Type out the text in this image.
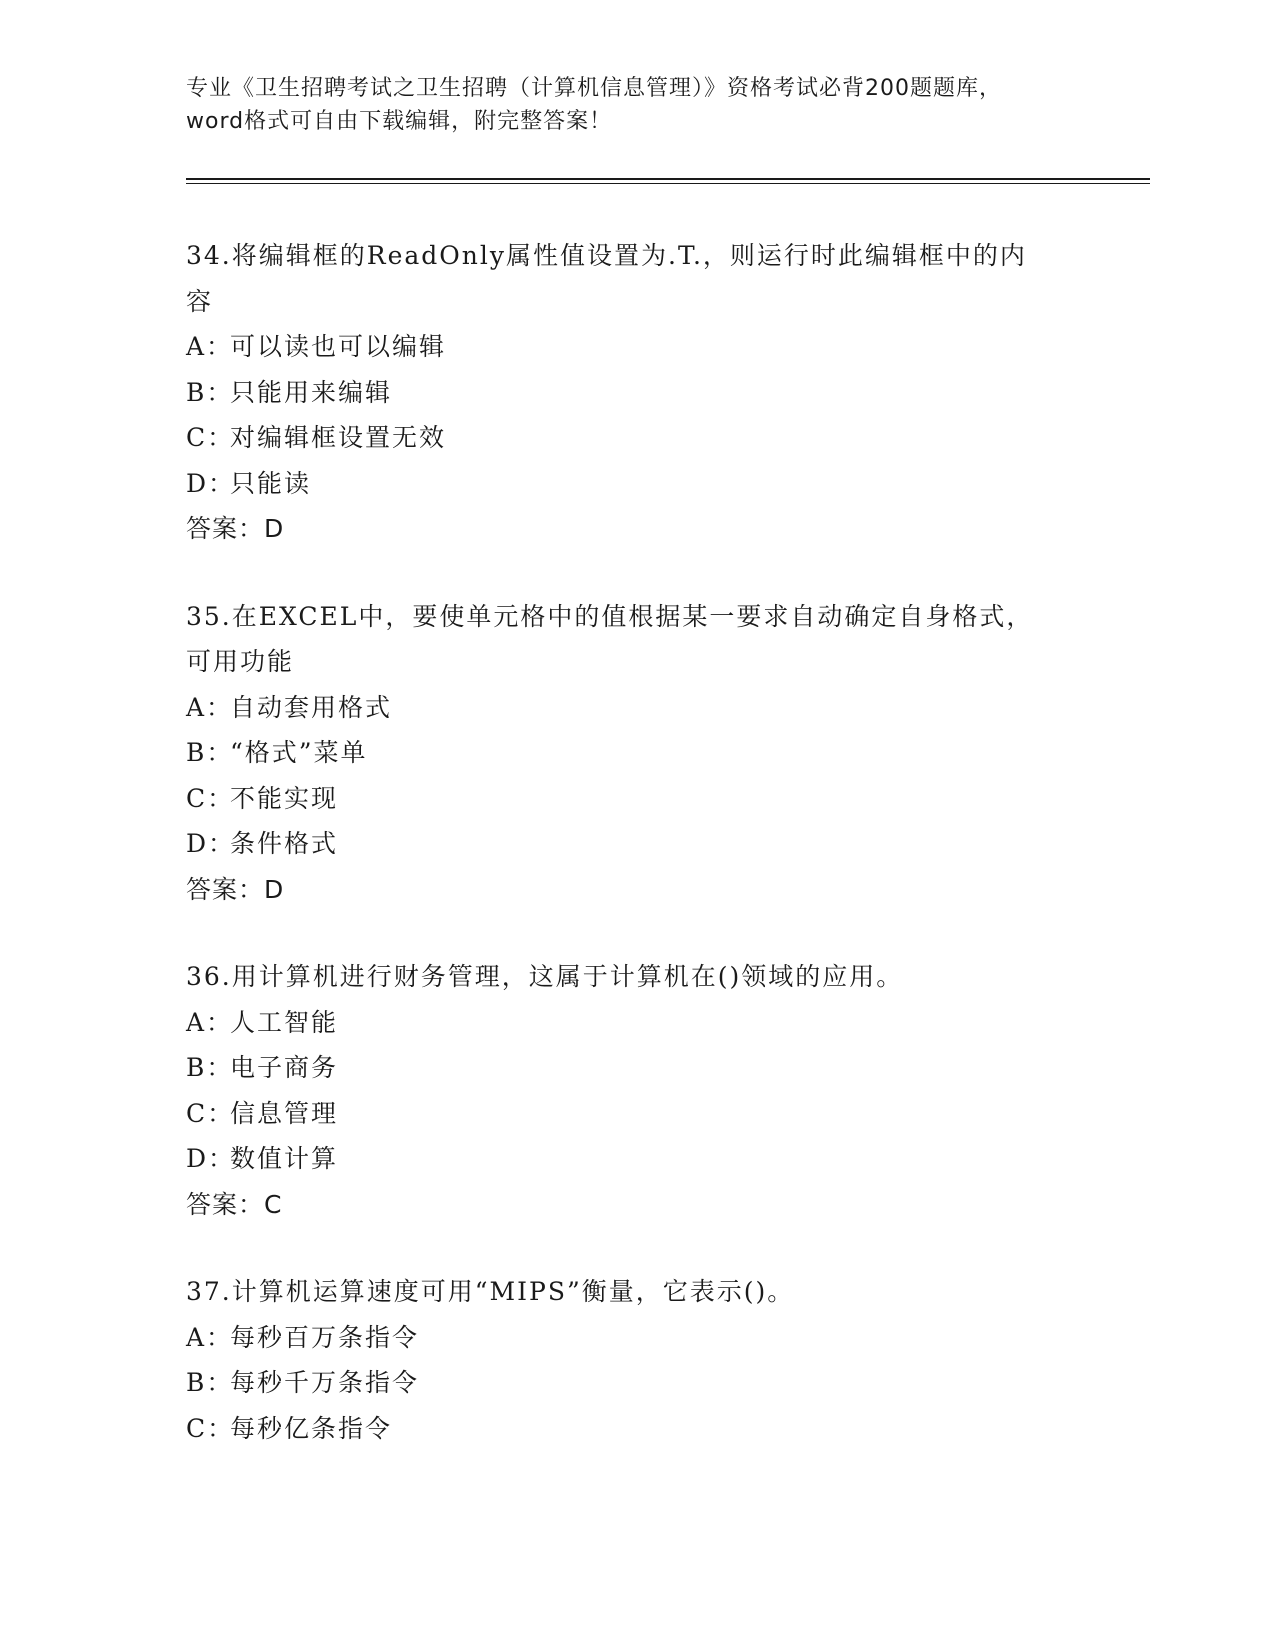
专业《卫生招聘考试之卫生招聘（计算机信息管理）》资格考试必背200题题库，

word格式可自由下载编辑，附完整答案！

34.将编辑框的ReadOnly属性值设置为.T.，则运行时此编辑框中的内
容
A：可以读也可以编辑
B：只能用来编辑
C：对编辑框设置无效
D：只能读
答案：D
35.在EXCEL中，要使单元格中的值根据某一要求自动确定自身格式，
可用功能
A：自动套用格式
B：“格式”菜单
C：不能实现
D：条件格式
答案：D
36.用计算机进行财务管理，这属于计算机在()领域的应用。
A：人工智能
B：电子商务
C：信息管理
D：数值计算
答案：C
37.计算机运算速度可用“MIPS”衡量，它表示()。
A：每秒百万条指令
B：每秒千万条指令
C：每秒亿条指令
